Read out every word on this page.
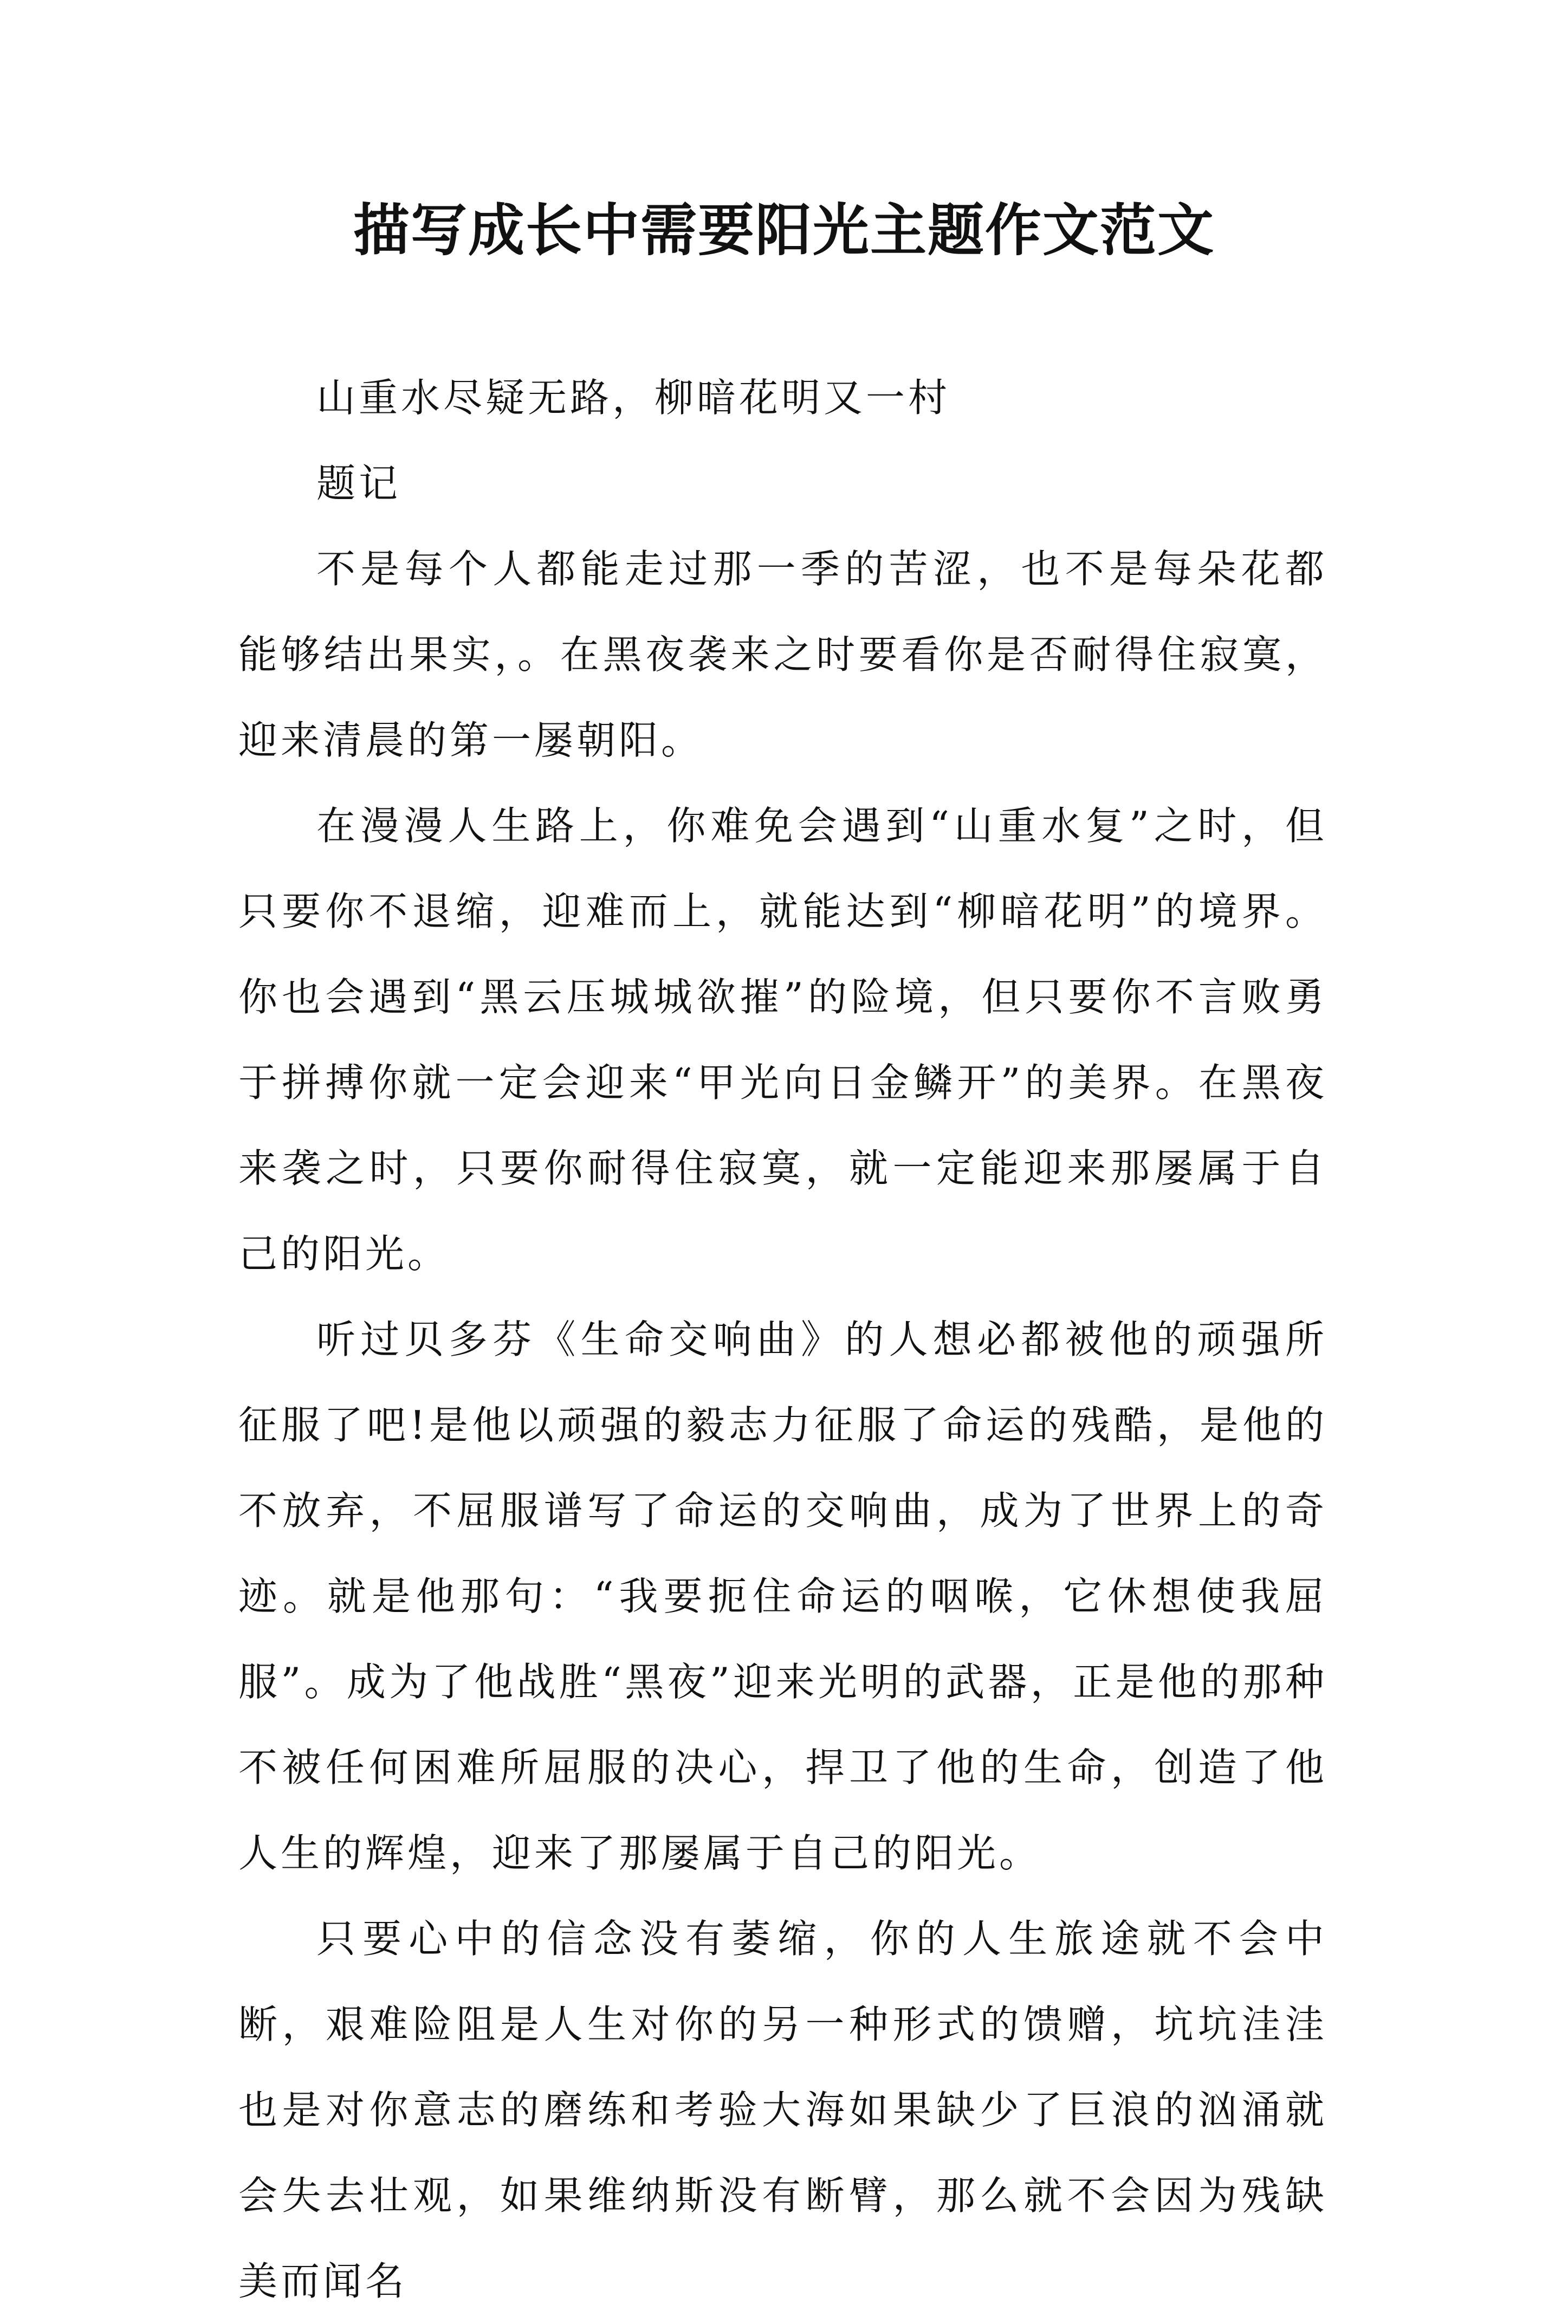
描写成长中需要阳光主题作文范文

山重水尽疑无路，柳暗花明又一村

题记

不是每个人都能走过那一季的苦涩，也不是每朵花都能够结出果实，。在黑夜袭来之时要看你是否耐得住寂寞，迎来清晨的第一屡朝阳。

在漫漫人生路上，你难免会遇到“山重水复”之时，但只要你不退缩，迎难而上，就能达到“柳暗花明”的境界。你也会遇到“黑云压城城欲摧”的险境，但只要你不言败勇于拼搏你就一定会迎来“甲光向日金鳞开”的美界。在黑夜来袭之时，只要你耐得住寂寞，就一定能迎来那屡属于自己的阳光。

听过贝多芬《生命交响曲》的人想必都被他的顽强所征服了吧!是他以顽强的毅志力征服了命运的残酷，是他的不放弃，不屈服谱写了命运的交响曲，成为了世界上的奇迹。就是他那句：“我要扼住命运的咽喉，它休想使我屈服”。成为了他战胜“黑夜”迎来光明的武器，正是他的那种不被任何困难所屈服的决心，捍卫了他的生命，创造了他人生的辉煌，迎来了那屡属于自己的阳光。

只要心中的信念没有萎缩，你的人生旅途就不会中断，艰难险阻是人生对你的另一种形式的馈赠，坑坑洼洼也是对你意志的磨练和考验大海如果缺少了巨浪的汹涌就会失去壮观，如果维纳斯没有断臂，那么就不会因为残缺美而闻名
